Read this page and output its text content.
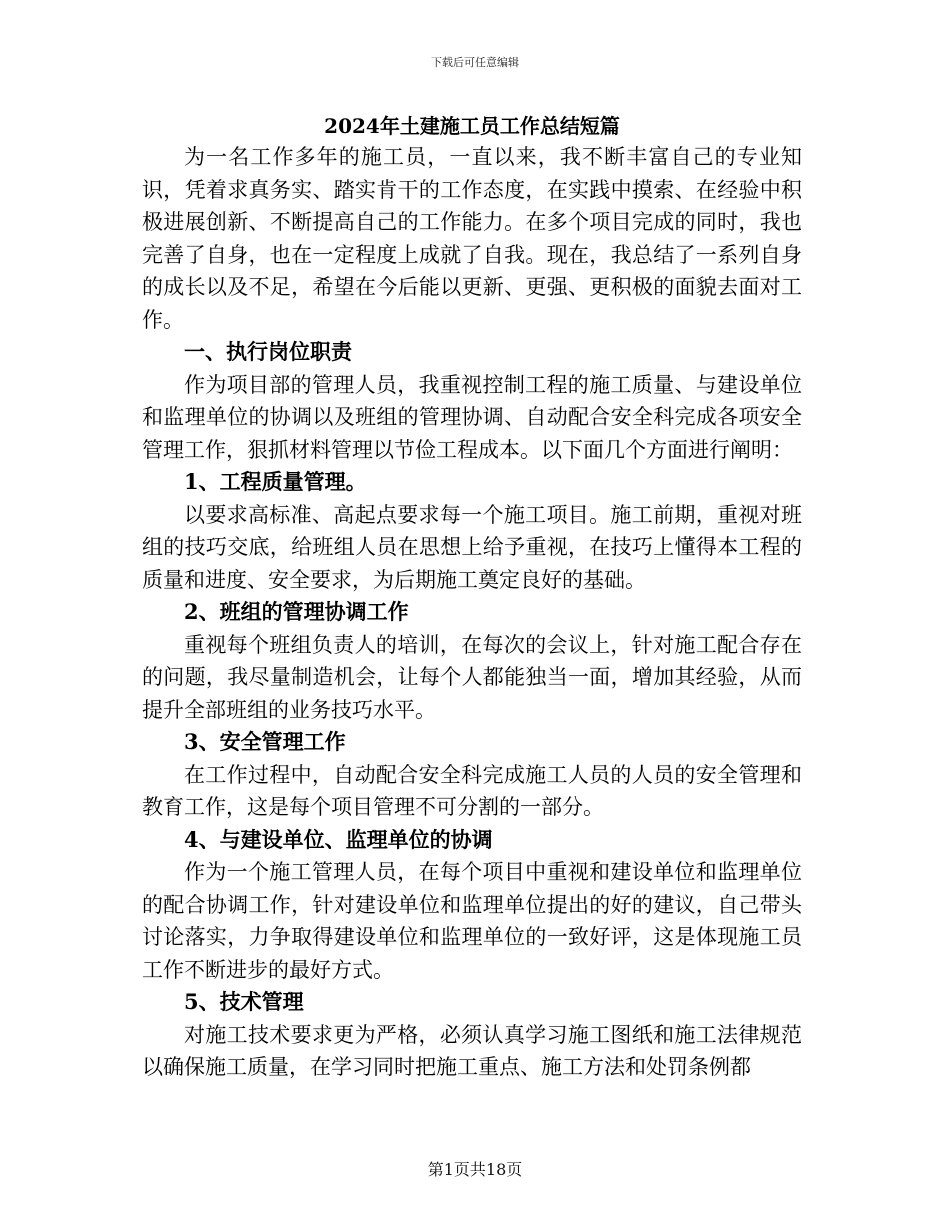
下载后可任意编辑

2024年土建施工员工作总结短篇

为一名工作多年的施工员，一直以来，我不断丰富自己的专业知识，凭着求真务实、踏实肯干的工作态度，在实践中摸索、在经验中积极进展创新、不断提高自己的工作能力。在多个项目完成的同时，我也完善了自身，也在一定程度上成就了自我。现在，我总结了一系列自身的成长以及不足，希望在今后能以更新、更强、更积极的面貌去面对工作。

一、执行岗位职责

作为项目部的管理人员，我重视控制工程的施工质量、与建设单位和监理单位的协调以及班组的管理协调、自动配合安全科完成各项安全管理工作，狠抓材料管理以节俭工程成本。以下面几个方面进行阐明：

1、工程质量管理。

以要求高标准、高起点要求每一个施工项目。施工前期，重视对班组的技巧交底，给班组人员在思想上给予重视，在技巧上懂得本工程的质量和进度、安全要求，为后期施工奠定良好的基础。

2、班组的管理协调工作

重视每个班组负责人的培训，在每次的会议上，针对施工配合存在的问题，我尽量制造机会，让每个人都能独当一面，增加其经验，从而提升全部班组的业务技巧水平。

3、安全管理工作

在工作过程中，自动配合安全科完成施工人员的人员的安全管理和教育工作，这是每个项目管理不可分割的一部分。

4、与建设单位、监理单位的协调

作为一个施工管理人员，在每个项目中重视和建设单位和监理单位的配合协调工作，针对建设单位和监理单位提出的好的建议，自己带头讨论落实，力争取得建设单位和监理单位的一致好评，这是体现施工员工作不断进步的最好方式。

5、技术管理

对施工技术要求更为严格，必须认真学习施工图纸和施工法律规范以确保施工质量，在学习同时把施工重点、施工方法和处罚条例都

第1页共18页
